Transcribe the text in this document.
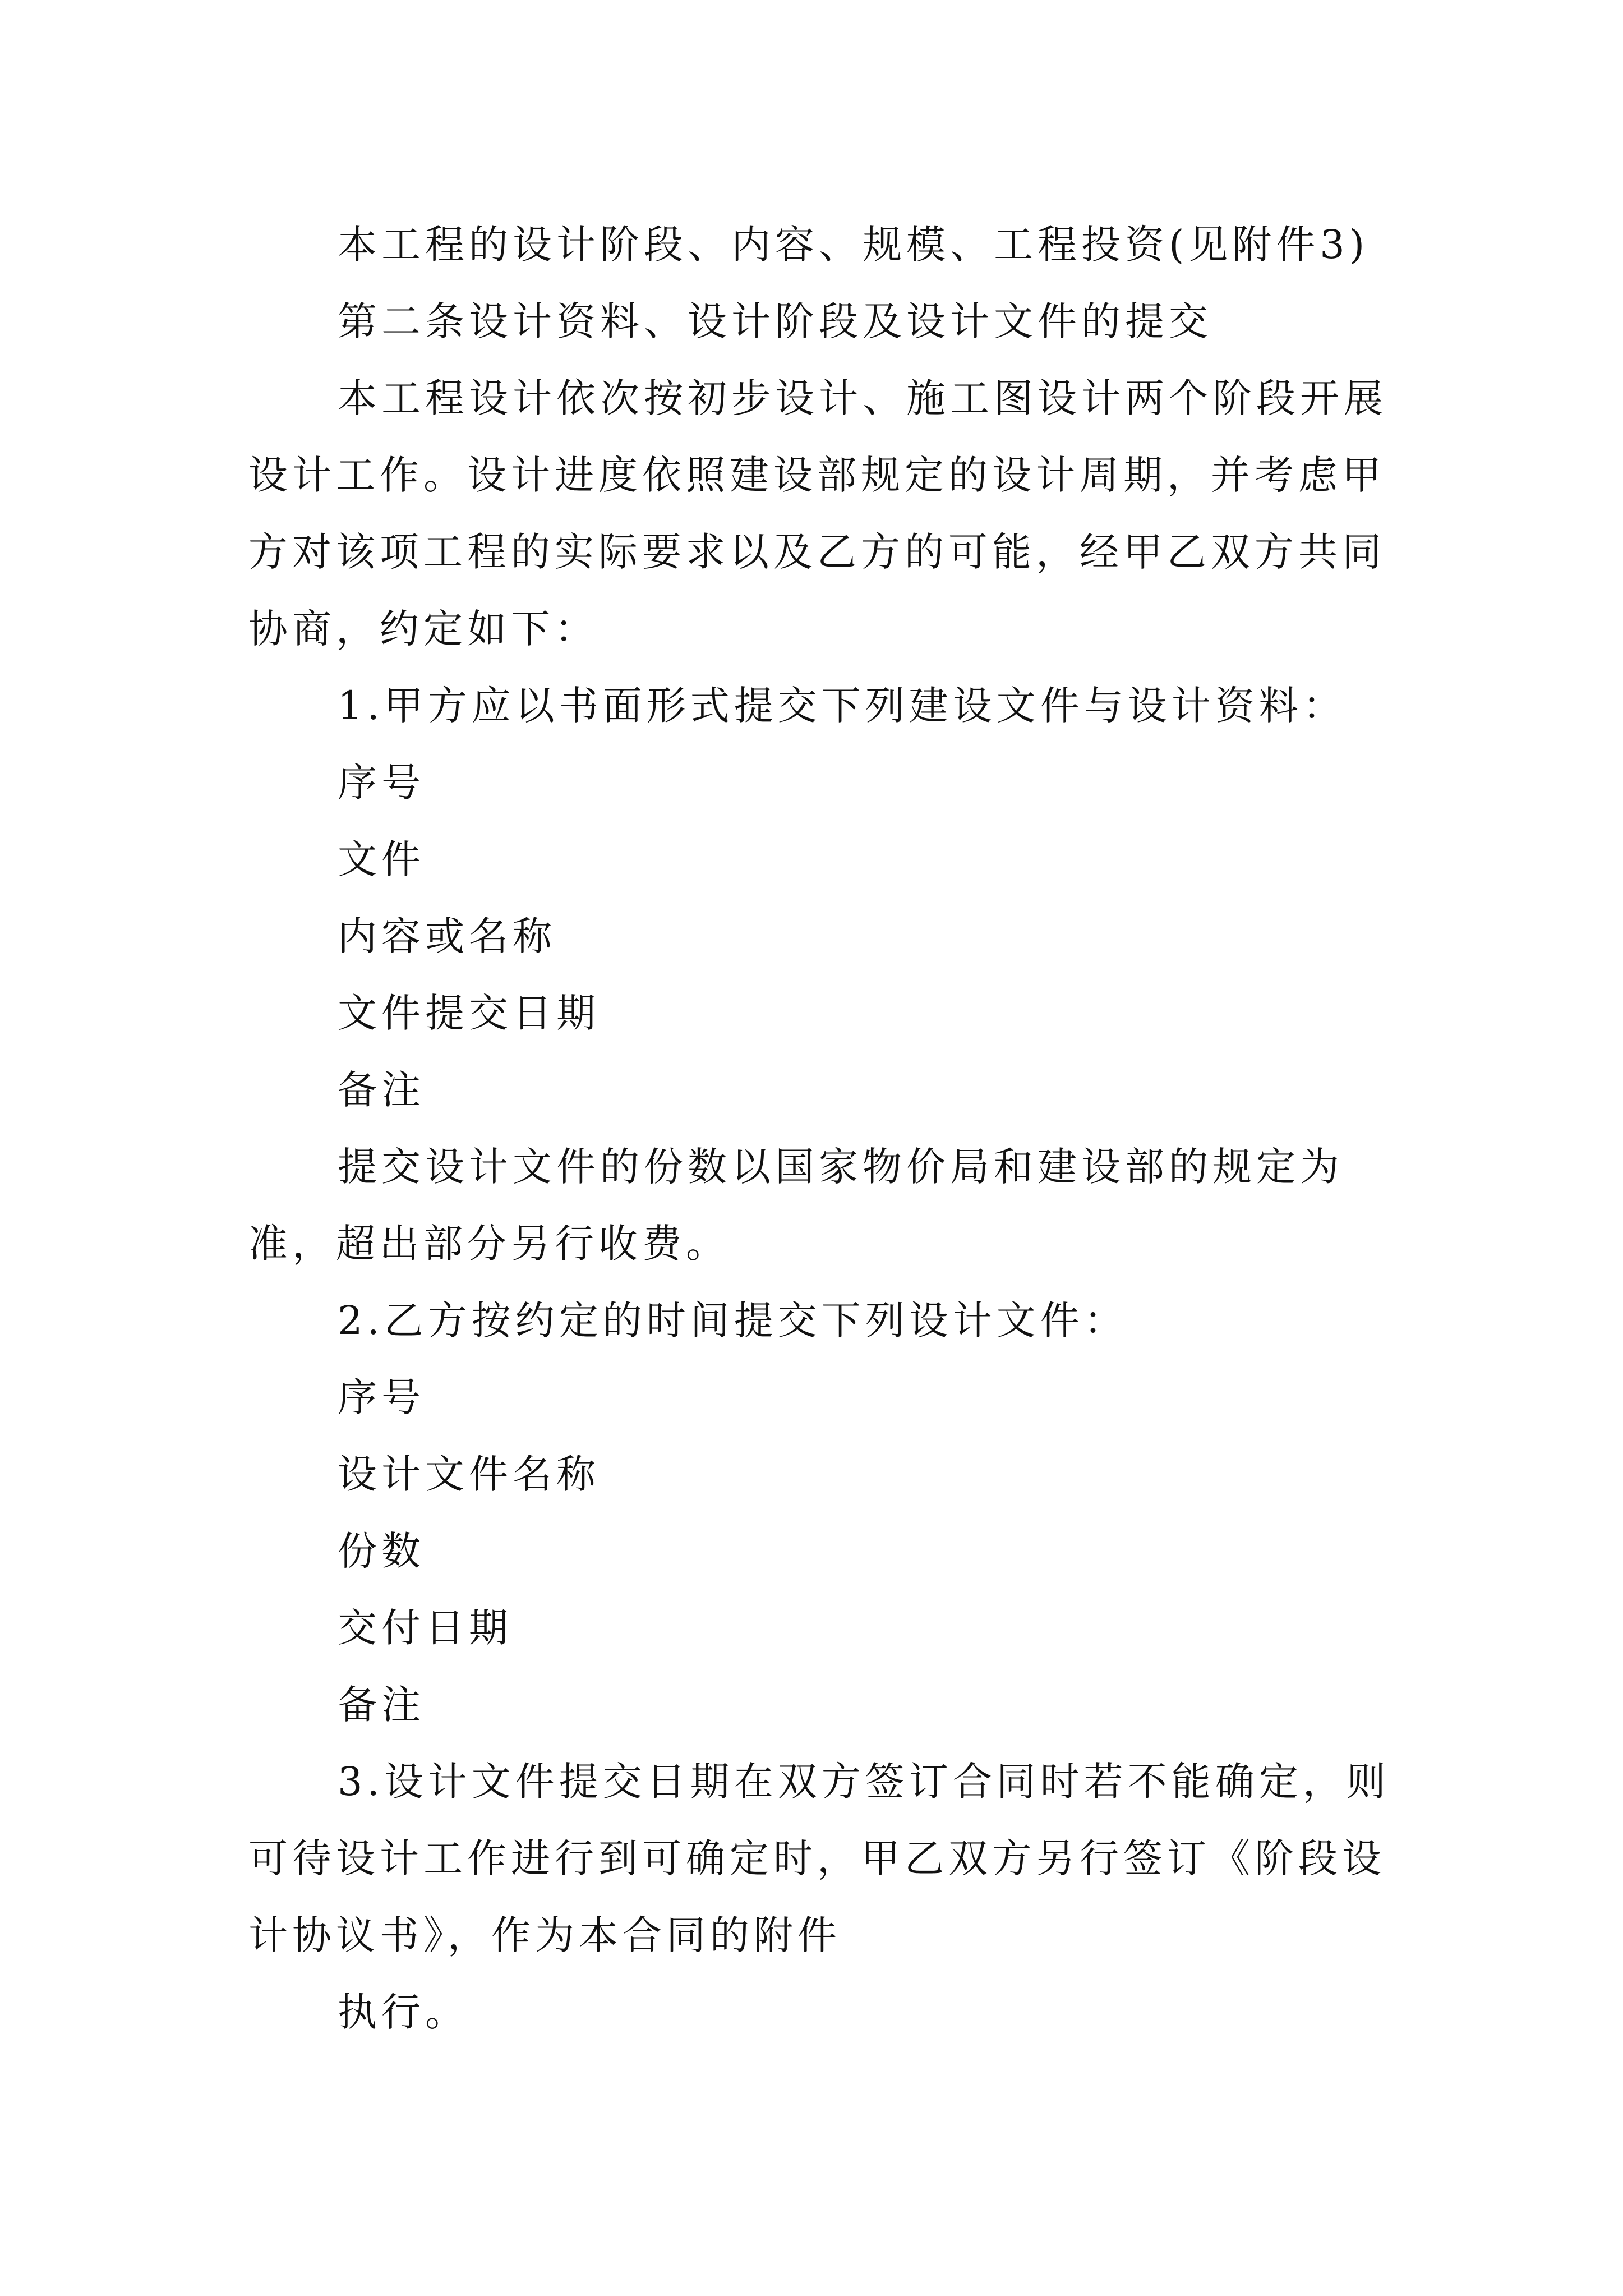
本工程的设计阶段、内容、规模、工程投资(见附件3)

第二条设计资料、设计阶段及设计文件的提交

本工程设计依次按初步设计、施工图设计两个阶段开展

设计工作。设计进度依照建设部规定的设计周期，并考虑甲

方对该项工程的实际要求以及乙方的可能，经甲乙双方共同

协商，约定如下：

1.甲方应以书面形式提交下列建设文件与设计资料：

序号

文件

内容或名称

文件提交日期

备注

提交设计文件的份数以国家物价局和建设部的规定为

准，超出部分另行收费。

2.乙方按约定的时间提交下列设计文件：

序号

设计文件名称

份数

交付日期

备注

3.设计文件提交日期在双方签订合同时若不能确定，则

可待设计工作进行到可确定时，甲乙双方另行签订《阶段设

计协议书》，作为本合同的附件

执行。
